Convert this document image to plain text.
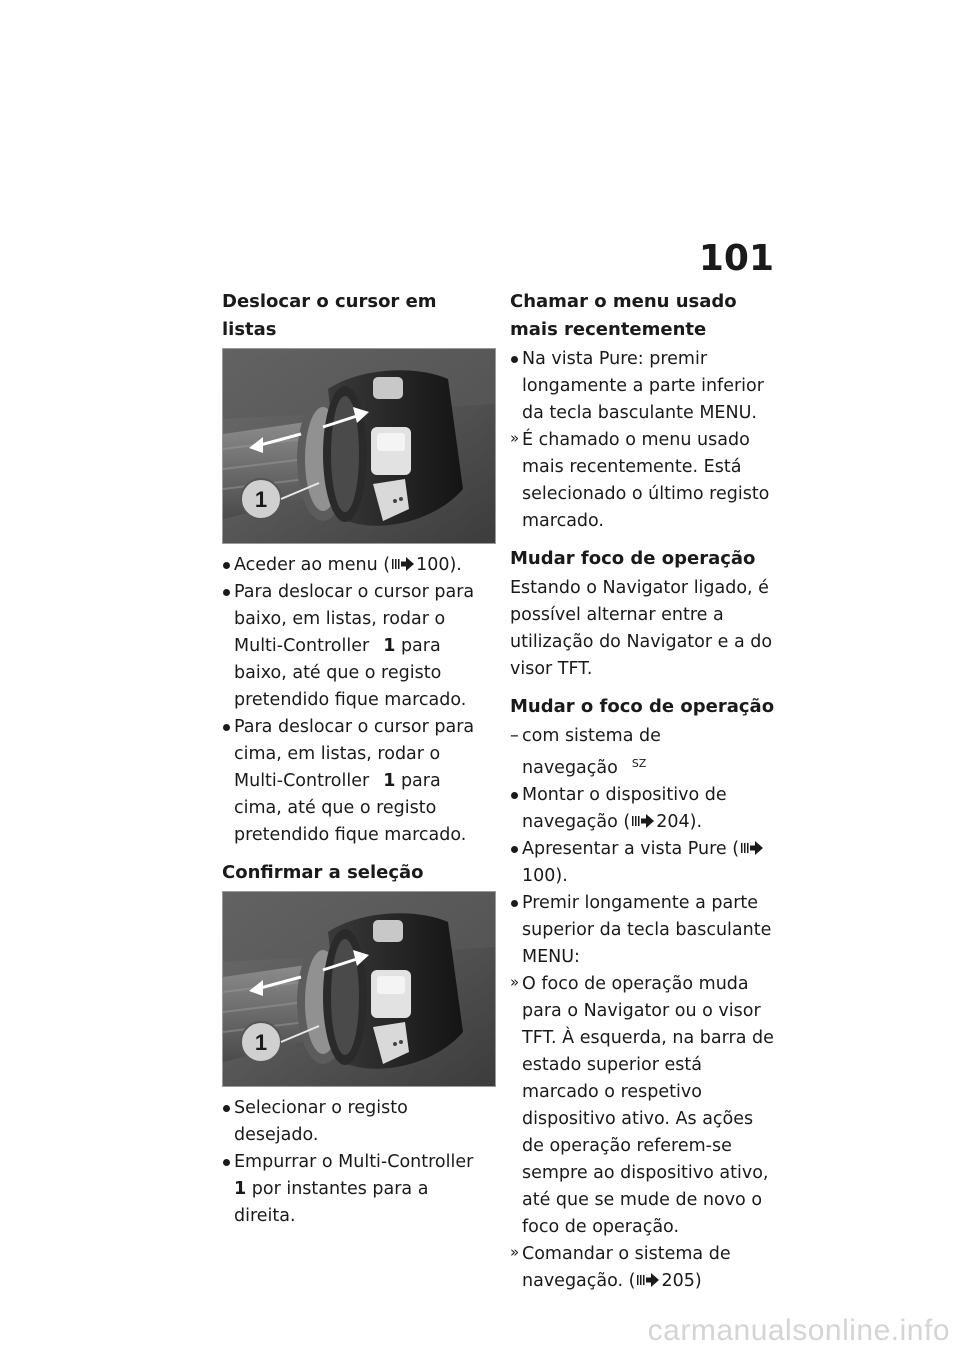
101
Deslocar o cursor em listas
1
Aceder ao menu ( 100).
Para deslocar o cursor para baixo, em listas, rodar o Multi-Controller 1 para baixo, até que o registo pretendido fique marcado.
Para deslocar o cursor para cima, em listas, rodar o Multi-Controller 1 para cima, até que o registo pretendido fique marcado.
Confirmar a seleção
1
Selecionar o registo desejado.
Empurrar o Multi-Controller1 por instantes para a direita.
Chamar o menu usado mais recentemente
Na vista Pure: premir longamente a parte inferior da tecla basculante MENU.
» É chamado o menu usado mais recentemente. Está selecionado o último registo marcado.
Mudar foco de operação

Estando o Navigator ligado, é possível alternar entre a utilização do Navigator e a do visor TFT.

Mudar o foco de operação
– com sistema de navegação $^{SZ}$
Montar o dispositivo de navegação ( 204).
Apresentar a vista Pure (100).
Premir longamente a parte superior da tecla basculante MENU:
» O foco de operação muda para o Navigator ou o visor TFT. À esquerda, na barra de estado superior está marcado o respetivo dispositivo ativo. As ações de operação referem-se sempre ao dispositivo ativo, até que se mude de novo o foco de operação.
» Comandar o sistema de navegação. ( 205)
carmanualsonline.info
